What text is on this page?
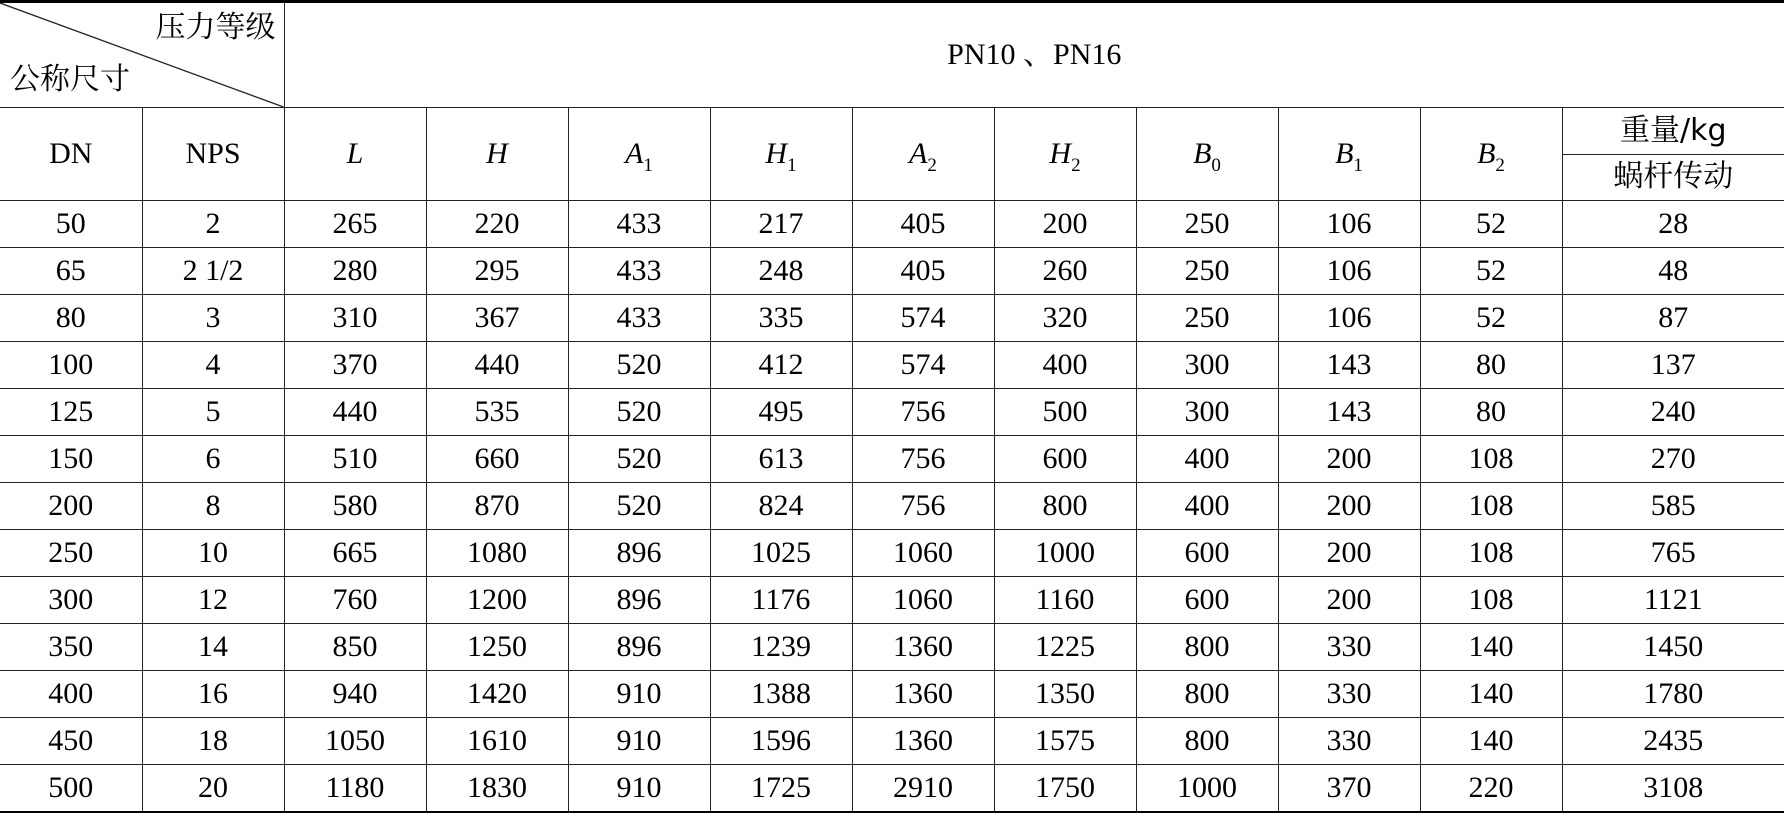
压力等级
公称尺寸		PN10 、PN16									
DN	NPS	L	H	$A_1$	$H_1$	$A_2$	$H_2$	$B_0$	$B_1$	$B_2$	重量/kg
蜗杆传动

50	2	265	220	433	217	405	200	250	106	52	28
65	2 1/2	280	295	433	248	405	260	250	106	52	48
80	3	310	367	433	335	574	320	250	106	52	87
100	4	370	440	520	412	574	400	300	143	80	137
125	5	440	535	520	495	756	500	300	143	80	240
150	6	510	660	520	613	756	600	400	200	108	270
200	8	580	870	520	824	756	800	400	200	108	585
250	10	665	1080	896	1025	1060	1000	600	200	108	765
300	12	760	1200	896	1176	1060	1160	600	200	108	1121
350	14	850	1250	896	1239	1360	1225	800	330	140	1450
400	16	940	1420	910	1388	1360	1350	800	330	140	1780
450	18	1050	1610	910	1596	1360	1575	800	330	140	2435
500	20	1180	1830	910	1725	2910	1750	1000	370	220	3108
